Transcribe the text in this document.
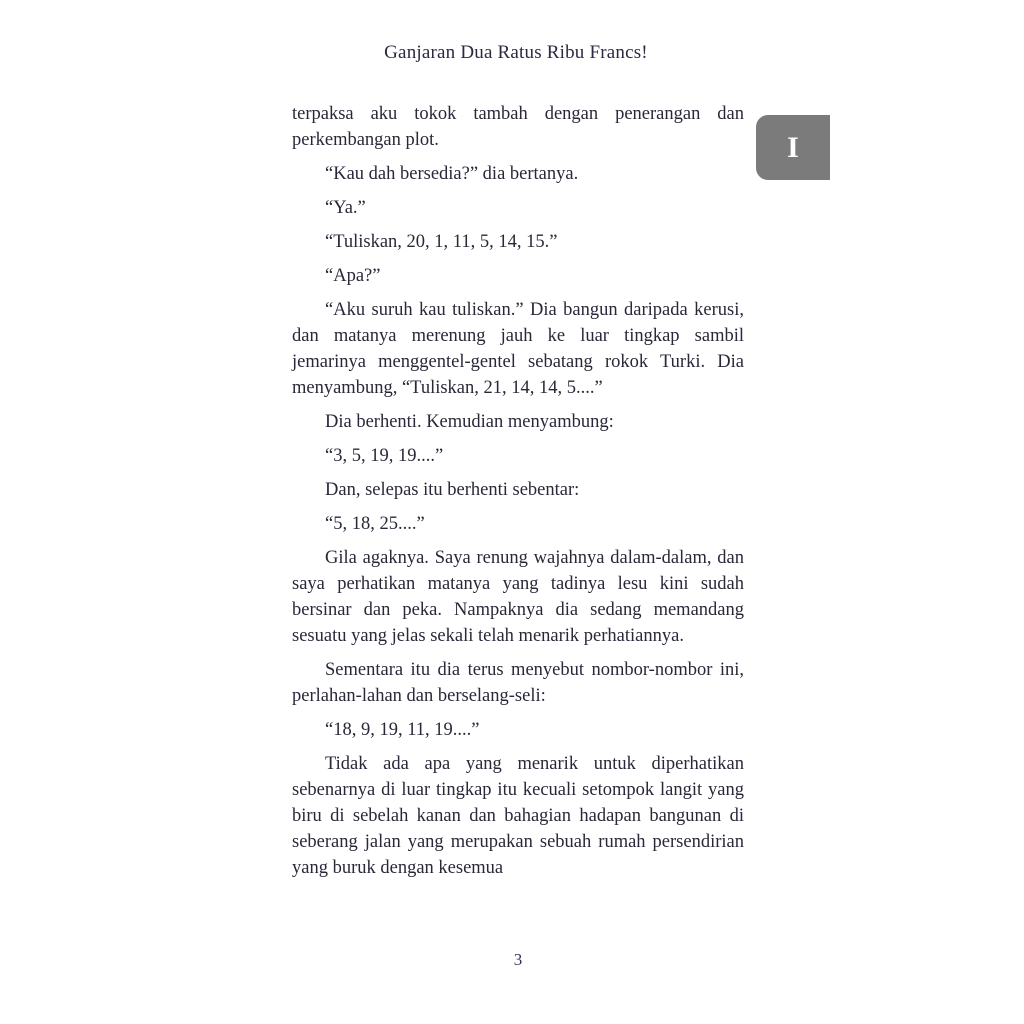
Ganjaran Dua Ratus Ribu Francs!
I

terpaksa aku tokok tambah dengan penerangan dan perkembangan plot.

“Kau dah bersedia?” dia bertanya.

“Ya.”

“Tuliskan, 20, 1, 11, 5, 14, 15.”

“Apa?”

“Aku suruh kau tuliskan.” Dia bangun daripada kerusi, dan matanya merenung jauh ke luar tingkap sambil jemarinya menggentel-gentel sebatang rokok Turki. Dia menyambung, “Tuliskan, 21, 14, 14, 5....”

Dia berhenti. Kemudian menyambung:

“3, 5, 19, 19....”

Dan, selepas itu berhenti sebentar:

“5, 18, 25....”

Gila agaknya. Saya renung wajahnya dalam-dalam, dan saya perhatikan matanya yang tadinya lesu kini sudah bersinar dan peka. Nampaknya dia sedang memandang sesuatu yang jelas sekali telah menarik perhatiannya.

Sementara itu dia terus menyebut nombor-nombor ini, perlahan-lahan dan berselang-seli:

“18, 9, 19, 11, 19....”

Tidak ada apa yang menarik untuk diperhatikan sebenarnya di luar tingkap itu kecuali setompok langit yang biru di sebelah kanan dan bahagian hadapan bangunan di seberang jalan yang merupakan sebuah rumah persendirian yang buruk dengan kesemua

3
